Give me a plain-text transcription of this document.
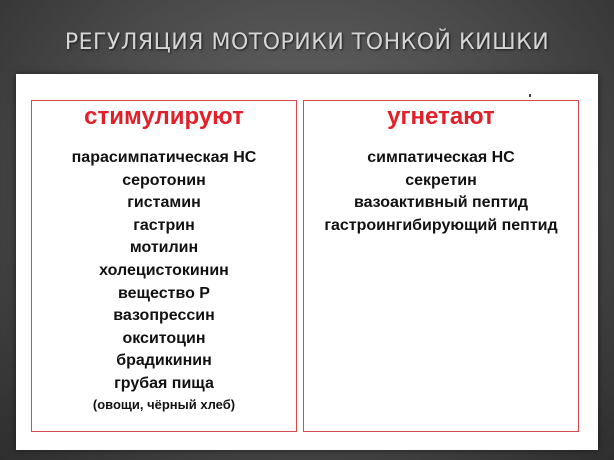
РЕГУЛЯЦИЯ МОТОРИКИ ТОНКОЙ КИШКИ
стимулируют
парасимпатическая НС
серотонин
гистамин
гастрин
мотилин
холецистокинин
вещество Р
вазопрессин
окситоцин
брадикинин
грубая пища
(овощи, чёрный хлеб)
угнетают
симпатическая НС
секретин
вазоактивный пептид
гастроингибирующий пептид
